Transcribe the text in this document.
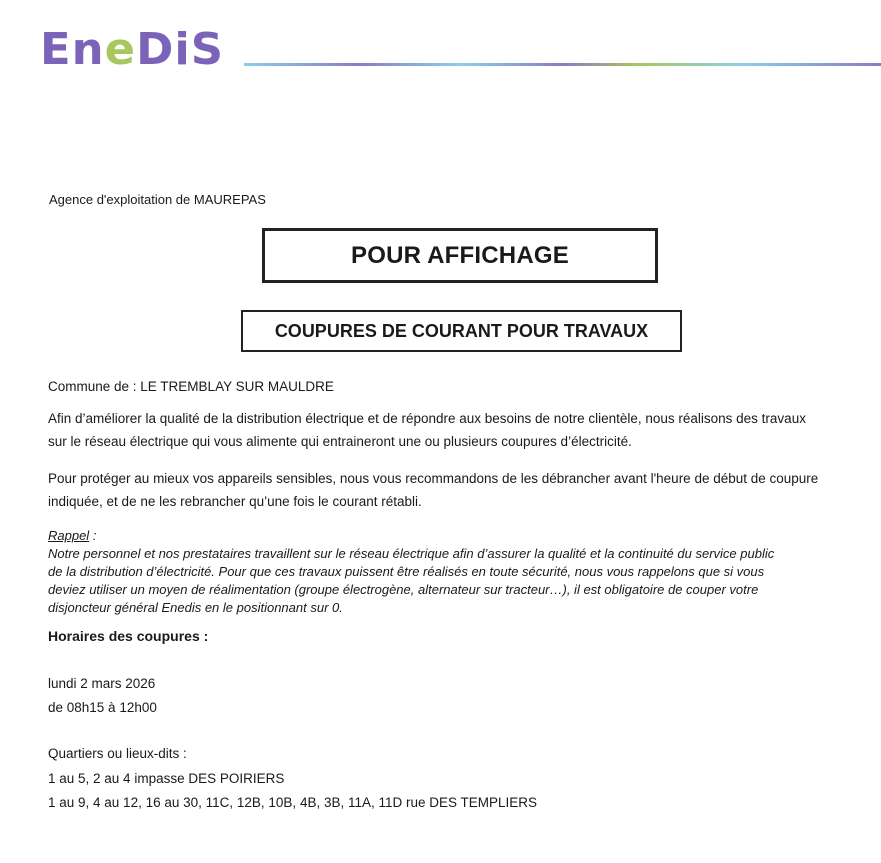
EneDiS
Agence d'exploitation de MAUREPAS
POUR AFFICHAGE
COUPURES DE COURANT POUR TRAVAUX
Commune de : LE TREMBLAY SUR MAULDRE
Afin d’améliorer la qualité de la distribution électrique et de répondre aux besoins de notre clientèle, nous réalisons des travaux
sur le réseau électrique qui vous alimente qui entraineront une ou plusieurs coupures d’électricité.
Pour protéger au mieux vos appareils sensibles, nous vous recommandons de les débrancher avant l'heure de début de coupure
indiquée, et de ne les rebrancher qu’une fois le courant rétabli.
Rappel :
Notre personnel et nos prestataires travaillent sur le réseau électrique afin d’assurer la qualité et la continuité du service public
de la distribution d’électricité. Pour que ces travaux puissent être réalisés en toute sécurité, nous vous rappelons que si vous
deviez utiliser un moyen de réalimentation (groupe électrogène, alternateur sur tracteur…), il est obligatoire de couper votre
disjoncteur général Enedis en le positionnant sur 0.
Horaires des coupures :
lundi 2 mars 2026
de 08h15 à 12h00
Quartiers ou lieux-dits :
1 au 5, 2 au 4 impasse DES POIRIERS
1 au 9, 4 au 12, 16 au 30, 11C, 12B, 10B, 4B, 3B, 11A, 11D rue DES TEMPLIERS
